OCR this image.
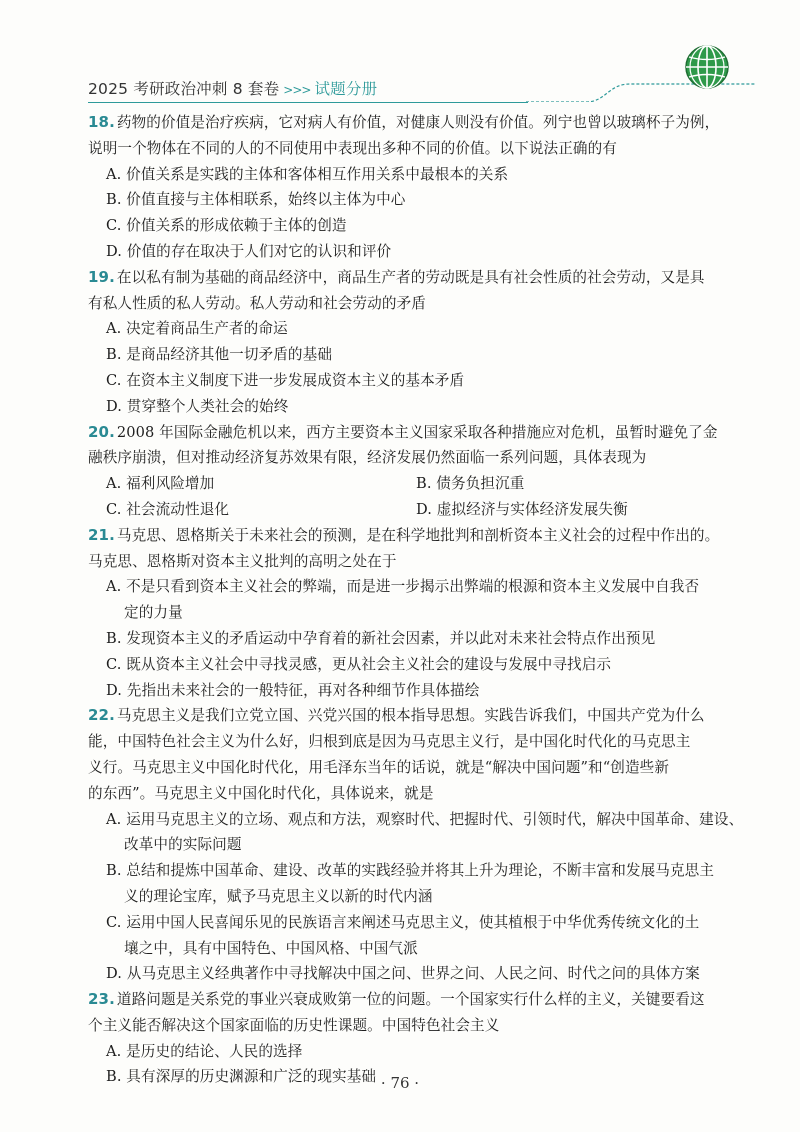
2025 考研政治冲刺 8 套卷 >>> 试题分册
18. 药物的价值是治疗疾病，它对病人有价值，对健康人则没有价值。列宁也曾以玻璃杯子为例，
说明一个物体在不同的人的不同使用中表现出多种不同的价值。以下说法正确的有
A. 价值关系是实践的主体和客体相互作用关系中最根本的关系
B. 价值直接与主体相联系，始终以主体为中心
C. 价值关系的形成依赖于主体的创造
D. 价值的存在取决于人们对它的认识和评价
19. 在以私有制为基础的商品经济中，商品生产者的劳动既是具有社会性质的社会劳动，又是具
有私人性质的私人劳动。私人劳动和社会劳动的矛盾
A. 决定着商品生产者的命运
B. 是商品经济其他一切矛盾的基础
C. 在资本主义制度下进一步发展成资本主义的基本矛盾
D. 贯穿整个人类社会的始终
20. 2008 年国际金融危机以来，西方主要资本主义国家采取各种措施应对危机，虽暂时避免了金
融秩序崩溃，但对推动经济复苏效果有限，经济发展仍然面临一系列问题，具体表现为
A. 福利风险增加	B. 债务负担沉重
C. 社会流动性退化	D. 虚拟经济与实体经济发展失衡
21. 马克思、恩格斯关于未来社会的预测，是在科学地批判和剖析资本主义社会的过程中作出的。
马克思、恩格斯对资本主义批判的高明之处在于
A. 不是只看到资本主义社会的弊端，而是进一步揭示出弊端的根源和资本主义发展中自我否
定的力量
B. 发现资本主义的矛盾运动中孕育着的新社会因素，并以此对未来社会特点作出预见
C. 既从资本主义社会中寻找灵感，更从社会主义社会的建设与发展中寻找启示
D. 先指出未来社会的一般特征，再对各种细节作具体描绘
22. 马克思主义是我们立党立国、兴党兴国的根本指导思想。实践告诉我们，中国共产党为什么
能，中国特色社会主义为什么好，归根到底是因为马克思主义行，是中国化时代化的马克思主
义行。马克思主义中国化时代化，用毛泽东当年的话说，就是“解决中国问题”和“创造些新
的东西”。马克思主义中国化时代化，具体说来，就是
A. 运用马克思主义的立场、观点和方法，观察时代、把握时代、引领时代，解决中国革命、建设、
改革中的实际问题
B. 总结和提炼中国革命、建设、改革的实践经验并将其上升为理论，不断丰富和发展马克思主
义的理论宝库，赋予马克思主义以新的时代内涵
C. 运用中国人民喜闻乐见的民族语言来阐述马克思主义，使其植根于中华优秀传统文化的土
壤之中，具有中国特色、中国风格、中国气派
D. 从马克思主义经典著作中寻找解决中国之问、世界之问、人民之问、时代之问的具体方案
23. 道路问题是关系党的事业兴衰成败第一位的问题。一个国家实行什么样的主义，关键要看这
个主义能否解决这个国家面临的历史性课题。中国特色社会主义
A. 是历史的结论、人民的选择
B. 具有深厚的历史渊源和广泛的现实基础 · 76 ·
